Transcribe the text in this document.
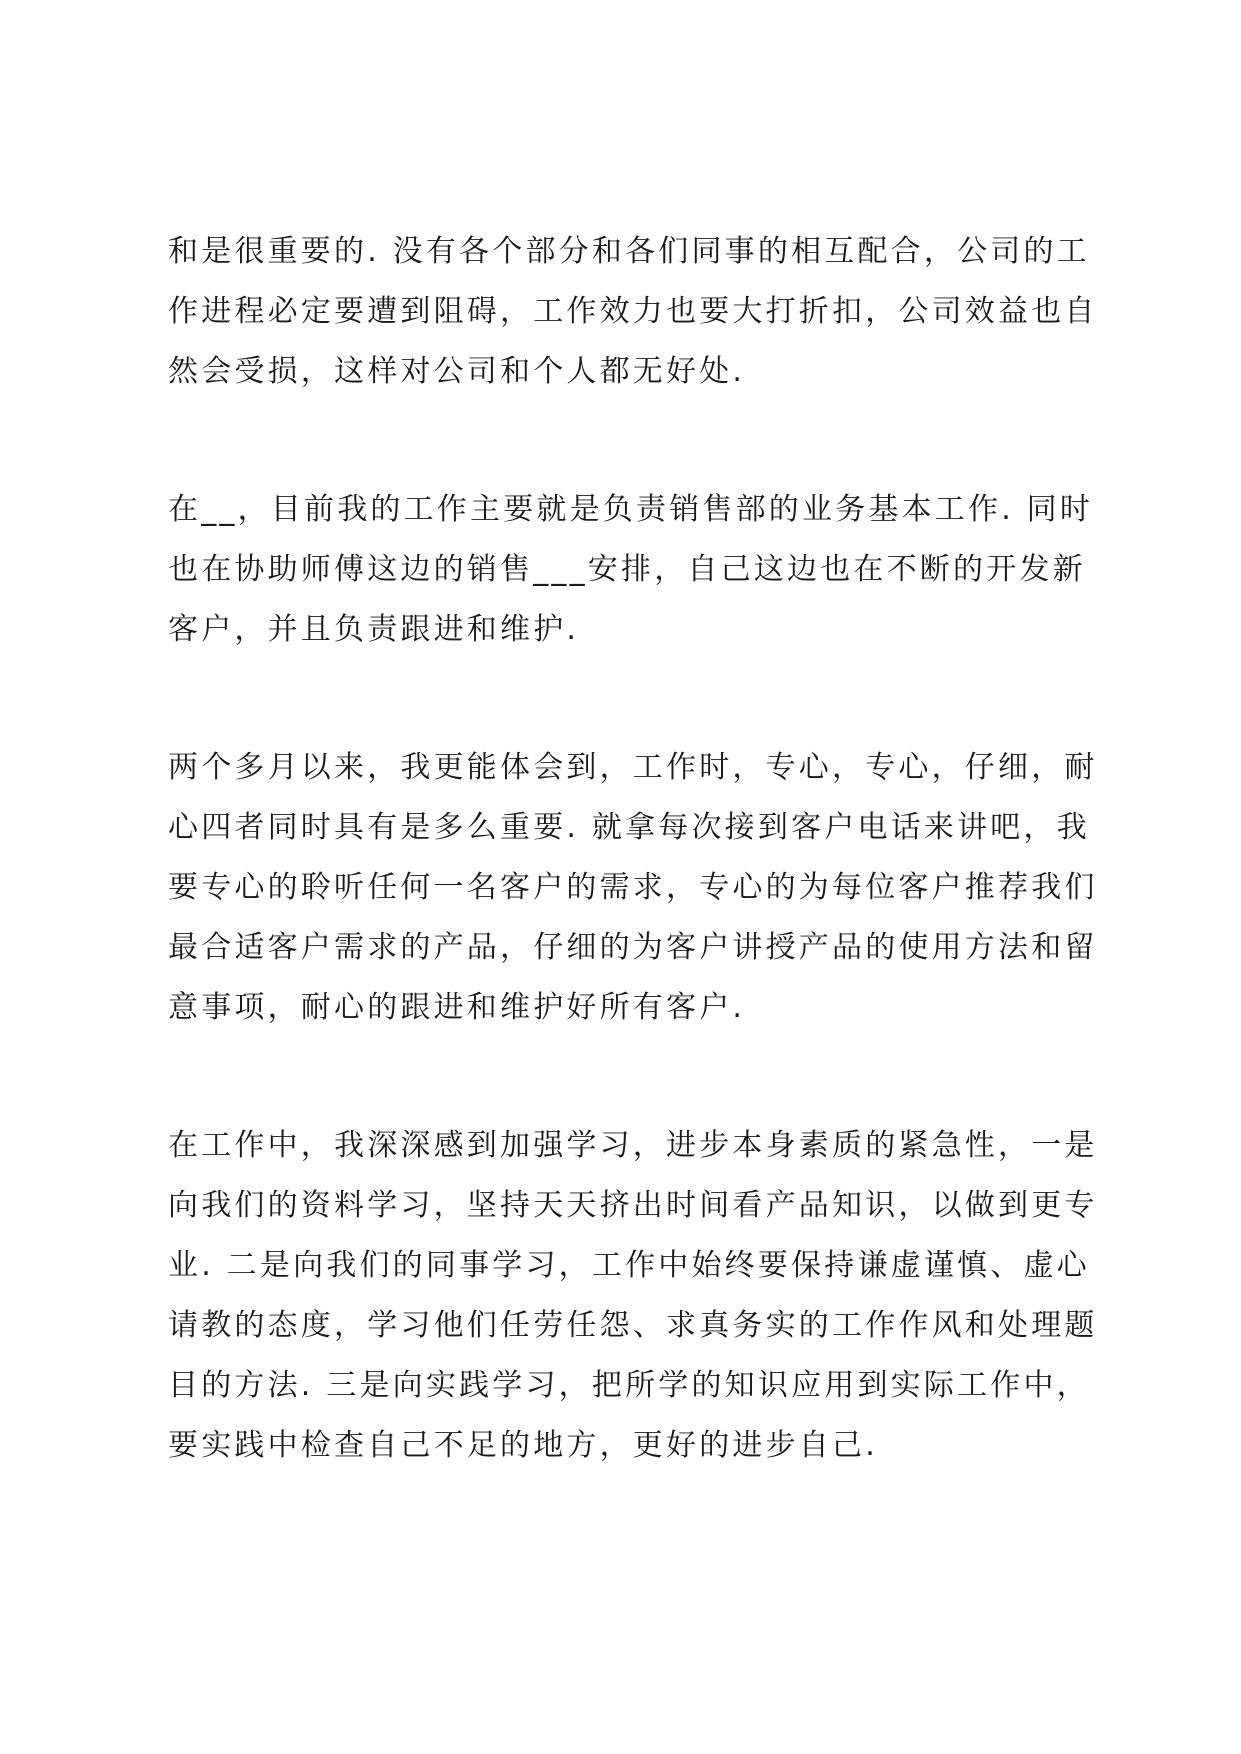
和是很重要的. 没有各个部分和各们同事的相互配合，公司的工
作进程必定要遭到阻碍，工作效力也要大打折扣，公司效益也自
然会受损，这样对公司和个人都无好处.
在__，目前我的工作主要就是负责销售部的业务基本工作. 同时
也在协助师傅这边的销售___安排，自己这边也在不断的开发新
客户，并且负责跟进和维护.
两个多月以来，我更能体会到，工作时，专心，专心，仔细，耐
心四者同时具有是多么重要. 就拿每次接到客户电话来讲吧，我
要专心的聆听任何一名客户的需求，专心的为每位客户推荐我们
最合适客户需求的产品，仔细的为客户讲授产品的使用方法和留
意事项，耐心的跟进和维护好所有客户.
在工作中，我深深感到加强学习，进步本身素质的紧急性，一是
向我们的资料学习，坚持天天挤出时间看产品知识，以做到更专
业. 二是向我们的同事学习，工作中始终要保持谦虚谨慎、虚心
请教的态度，学习他们任劳任怨、求真务实的工作作风和处理题
目的方法. 三是向实践学习，把所学的知识应用到实际工作中，
要实践中检查自己不足的地方，更好的进步自己.
